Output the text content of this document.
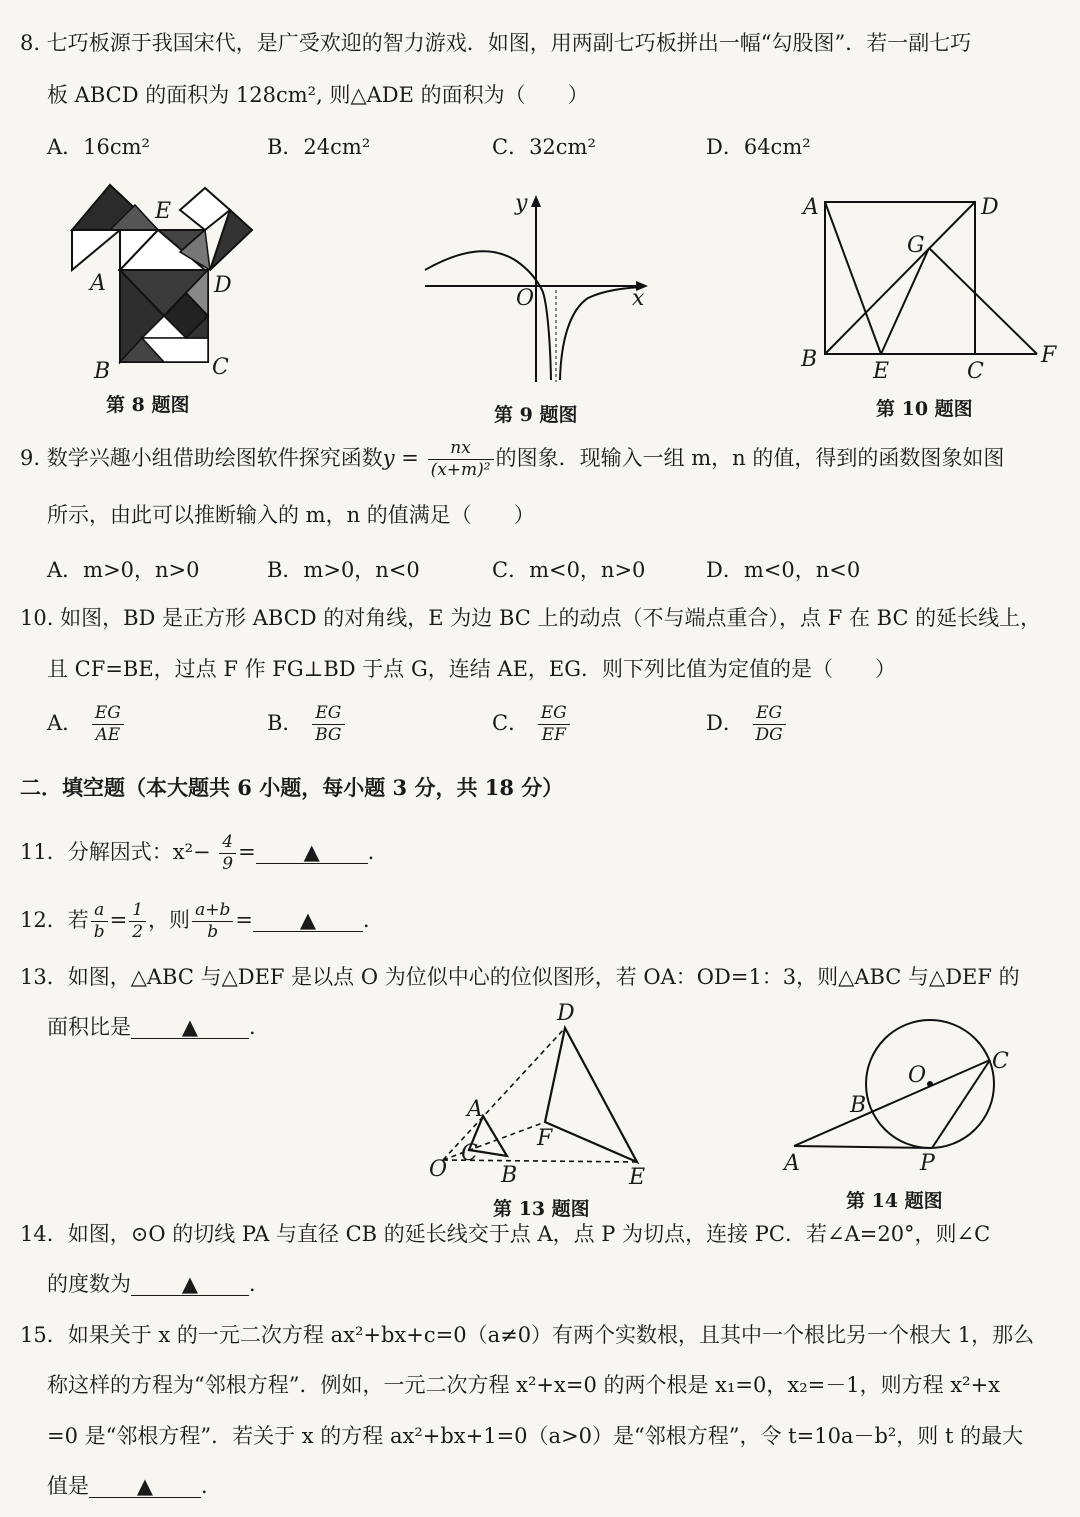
8. 七巧板源于我国宋代，是广受欢迎的智力游戏．如图，用两副七巧板拼出一幅“勾股图”．若一副七巧
板 ABCD 的面积为 128cm², 则△ADE 的面积为（　　）
A．16cm²	B．24cm²	C．32cm²	D．64cm²
E
A	D
B	C
第 8 题图
y
O	x
第 9 题图
A	D
G
B	E	C
F
第 10 题图
9. 数学兴趣小组借助绘图软件探究函数$y = \frac{nx}{\text{(x+m)²}}$ 的图象．现输入一组 m，n 的值，得到的函数图象如图
所示，由此可以推断输入的 m，n 的值满足（　　）
A．m>0，n>0	B．m>0，n<0	C．m<0，n>0	D．m<0，n<0
10. 如图，BD 是正方形 ABCD 的对角线，E 为边 BC 上的动点（不与端点重合），点 F 在 BC 的延长线上，
且 CF=BE，过点 F 作 FG⊥BD 于点 G，连结 AE，EG．则下列比值为定值的是（　　）
A． $\frac{EG}{AE}$	B． $\frac{EG}{BG}$	C． $\frac{EG}{EF}$	D． $\frac{EG}{DG}$
二．填空题（本大题共 6 小题，每小题 3 分，共 18 分）
11．分解因式：$x^2- \frac{4}{9}$ = ▲ ．
12．若 $\frac{a}{b} = \frac{1}{2}$ ，则 $\frac{a+b}{b}$ = ▲ ．
13．如图，△ABC 与△DEF 是以点 O 为位似中心的位似图形，若 OA：OD=1：3，则△ABC 与△DEF 的
面积比是 ▲ ．
D
A
F
C
O B	E
第 13 题图
O
C
B
A	P
第 14 题图
14．如图，⊙O 的切线 PA 与直径 CB 的延长线交于点 A，点 P 为切点，连接 PC．若∠A=20°，则∠C
的度数为 ▲ ．
15．如果关于 x 的一元二次方程 ax²+bx+c=0（a≠0）有两个实数根，且其中一个根比另一个根大 1，那么
称这样的方程为“邻根方程”．例如，一元二次方程 x²+x=0 的两个根是 x₁=0，x₂=－1，则方程 x²+x
=0 是“邻根方程”．若关于 x 的方程 ax²+bx+1=0（a>0）是“邻根方程”，令 t=10a－b²，则 t 的最大
值是 ▲ ．
